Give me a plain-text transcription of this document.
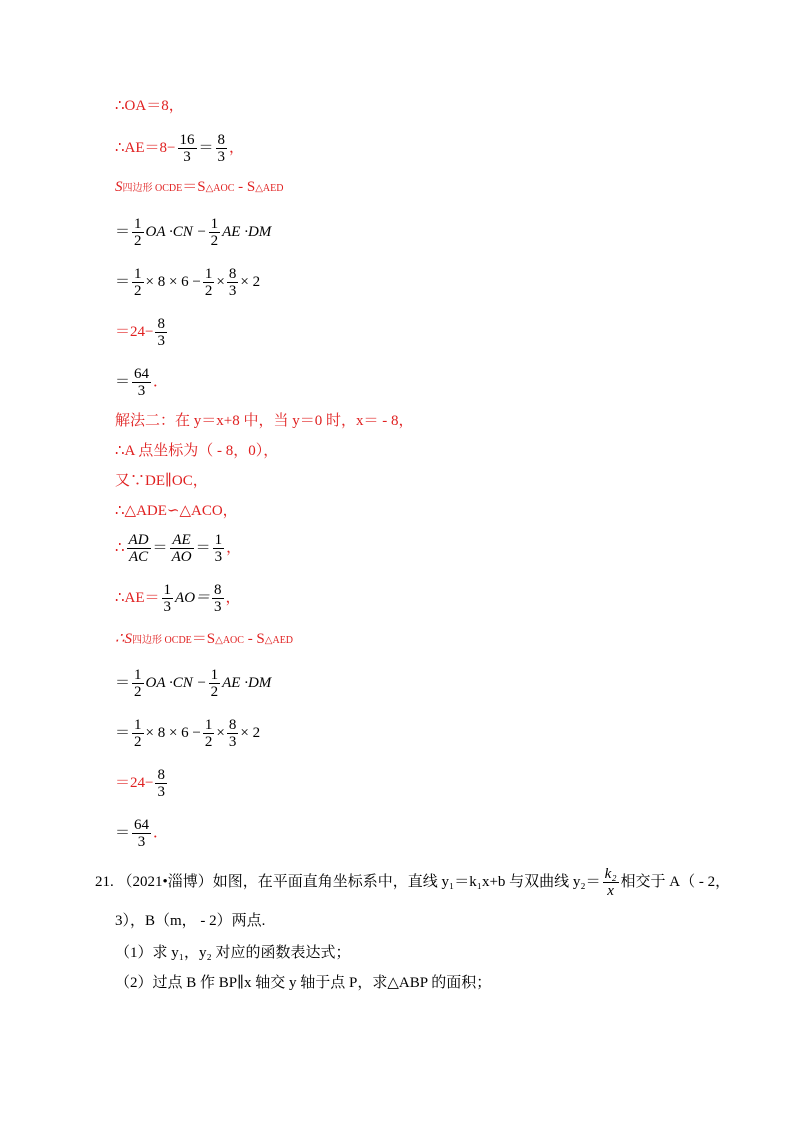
∴OA＝8，
∴AE＝8− $\frac{16}{3} = \frac{8}{3}$ ，
S四边形 OCDE＝S△AOC - S△AED
＝ $\frac{1}{2}$ OA $\cdot CN - \frac{1}{2}$ AE ·DM
＝ $\frac{1}{2} \times 8 \times 6 - \frac{1}{2} \times \frac{8}{3} \times 2$
$=24- \frac{8}{3}$
＝ $\frac{64}{3}$ ．
解法二：在 y＝x+8 中，当 y＝0 时，x＝ - 8，
∴A 点坐标为（ - 8，0），
又∵DE∥OC，
∴△ADE∽△ACO，
∴ $\frac{AD}{AC} = \frac{AE}{AO} = \frac{1}{3}$ ，
∴AE＝ $\frac{1}{3} AO= \frac{8}{3}$ ，
∴S四边形 OCDE＝S△AOC - S△AED
＝ $\frac{1}{2}$ OA $\cdot CN - \frac{1}{2}$ AE ·DM
＝ $\frac{1}{2} \times 8 \times 6 - \frac{1}{2} \times \frac{8}{3} \times 2$
$=24- \frac{8}{3}$
＝ $\frac{64}{3}$ ．
21. （2021•淄博）如图，在平面直角坐标系中，直线 y₁＝k₁x+b 与双曲线 $y_2= \frac{\text{k₂}}{x}$ 相交于 A（ - 2，
3），B（m， - 2）两点.
（1）求 y₁，y₂ 对应的函数表达式；
（2）过点 B 作 BP∥x 轴交 y 轴于点 P，求△ABP 的面积；
